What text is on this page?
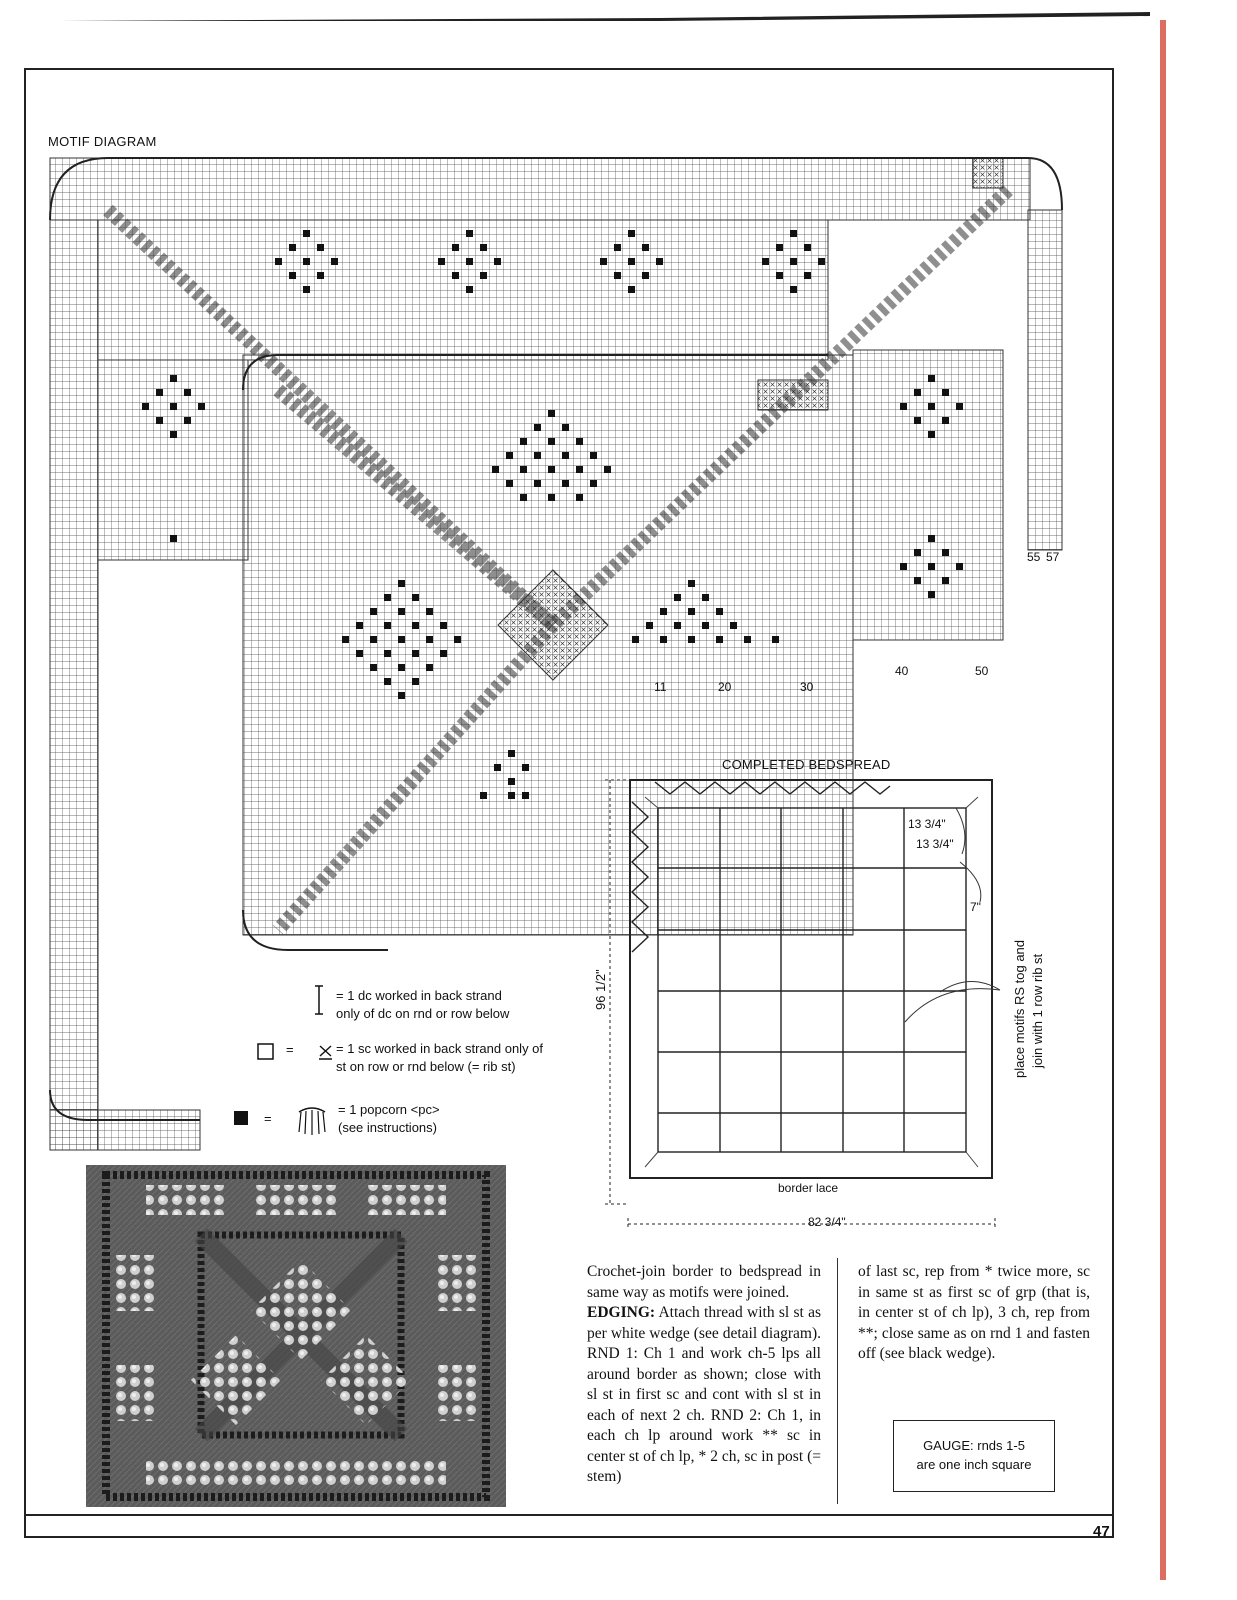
MOTIF DIAGRAM
11	20	30
40	50
55 57
= 1 dc worked in back strand
only of dc on rnd or row below
=	= 1 sc worked in back strand only of
st on row or rnd below (= rib st)
=
= 1 popcorn <pc>
(see instructions)
COMPLETED BEDSPREAD
13 3/4"
13 3/4"
7"
96 1/2"
82 3/4"
border lace
place motifs RS tog and join with 1 row rib st

Crochet-join border to bedspread in same way as motifs were joined.

EDGING: Attach thread with sl st as per white wedge (see detail diagram). RND 1: Ch 1 and work ch-5 lps all around border as shown; close with sl st in first sc and cont with sl st in each of next 2 ch. RND 2: Ch 1, in each ch lp around work ** sc in center st of ch lp, * 2 ch, sc in post (= stem)

of last sc, rep from * twice more, sc in same st as first sc of grp (that is, in center st of ch lp), 3 ch, rep from **; close same as on rnd 1 and fasten off (see black wedge).
GAUGE: rnds 1-5
are one inch square
47
